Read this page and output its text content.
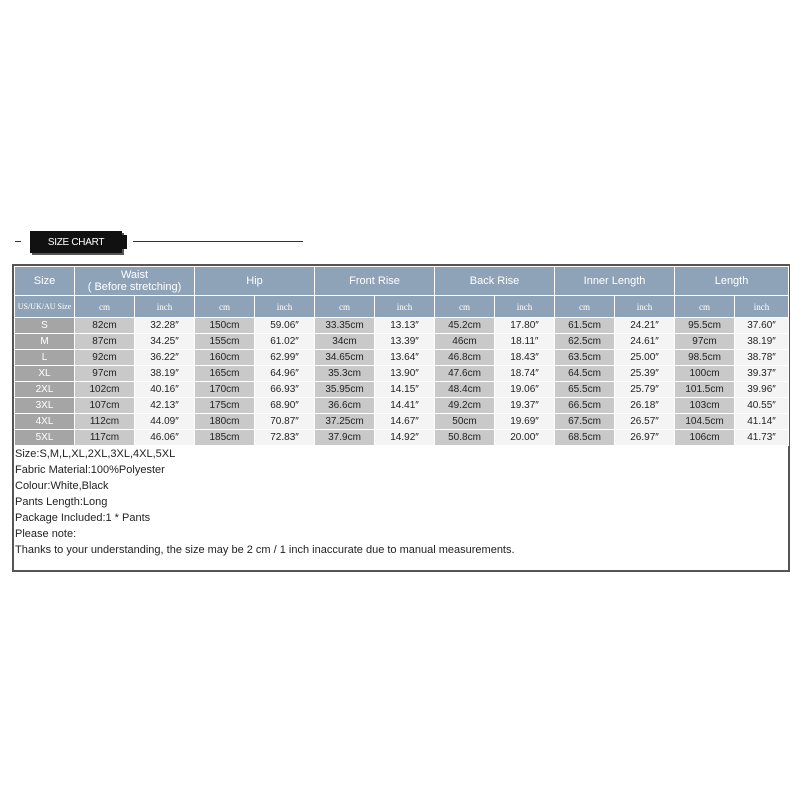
SIZE CHART
Size	Waist
( Before stretching)		Hip		Front Rise		Back Rise		Inner Length		Length	
US/UK/AU Size	cm	inch	cm	inch	cm	inch	cm	inch	cm	inch	cm	inch
S	82cm	32.28″	150cm	59.06″	33.35cm	13.13″	45.2cm	17.80″	61.5cm	24.21″	95.5cm	37.60″
M	87cm	34.25″	155cm	61.02″	34cm	13.39″	46cm	18.11″	62.5cm	24.61″	97cm	38.19″
L	92cm	36.22″	160cm	62.99″	34.65cm	13.64″	46.8cm	18.43″	63.5cm	25.00″	98.5cm	38.78″
XL	97cm	38.19″	165cm	64.96″	35.3cm	13.90″	47.6cm	18.74″	64.5cm	25.39″	100cm	39.37″
2XL	102cm	40.16″	170cm	66.93″	35.95cm	14.15″	48.4cm	19.06″	65.5cm	25.79″	101.5cm	39.96″
3XL	107cm	42.13″	175cm	68.90″	36.6cm	14.41″	49.2cm	19.37″	66.5cm	26.18″	103cm	40.55″
4XL	112cm	44.09″	180cm	70.87″	37.25cm	14.67″	50cm	19.69″	67.5cm	26.57″	104.5cm	41.14″
5XL	117cm	46.06″	185cm	72.83″	37.9cm	14.92″	50.8cm	20.00″	68.5cm	26.97″	106cm	41.73″
Size:S,M,L,XL,2XL,3XL,4XL,5XL
Fabric Material:100%Polyester
Colour:White,Black
Pants Length:Long
Package Included:1 * Pants
Please note:
Thanks to your understanding, the size may be 2 cm / 1 inch inaccurate due to manual measurements.
